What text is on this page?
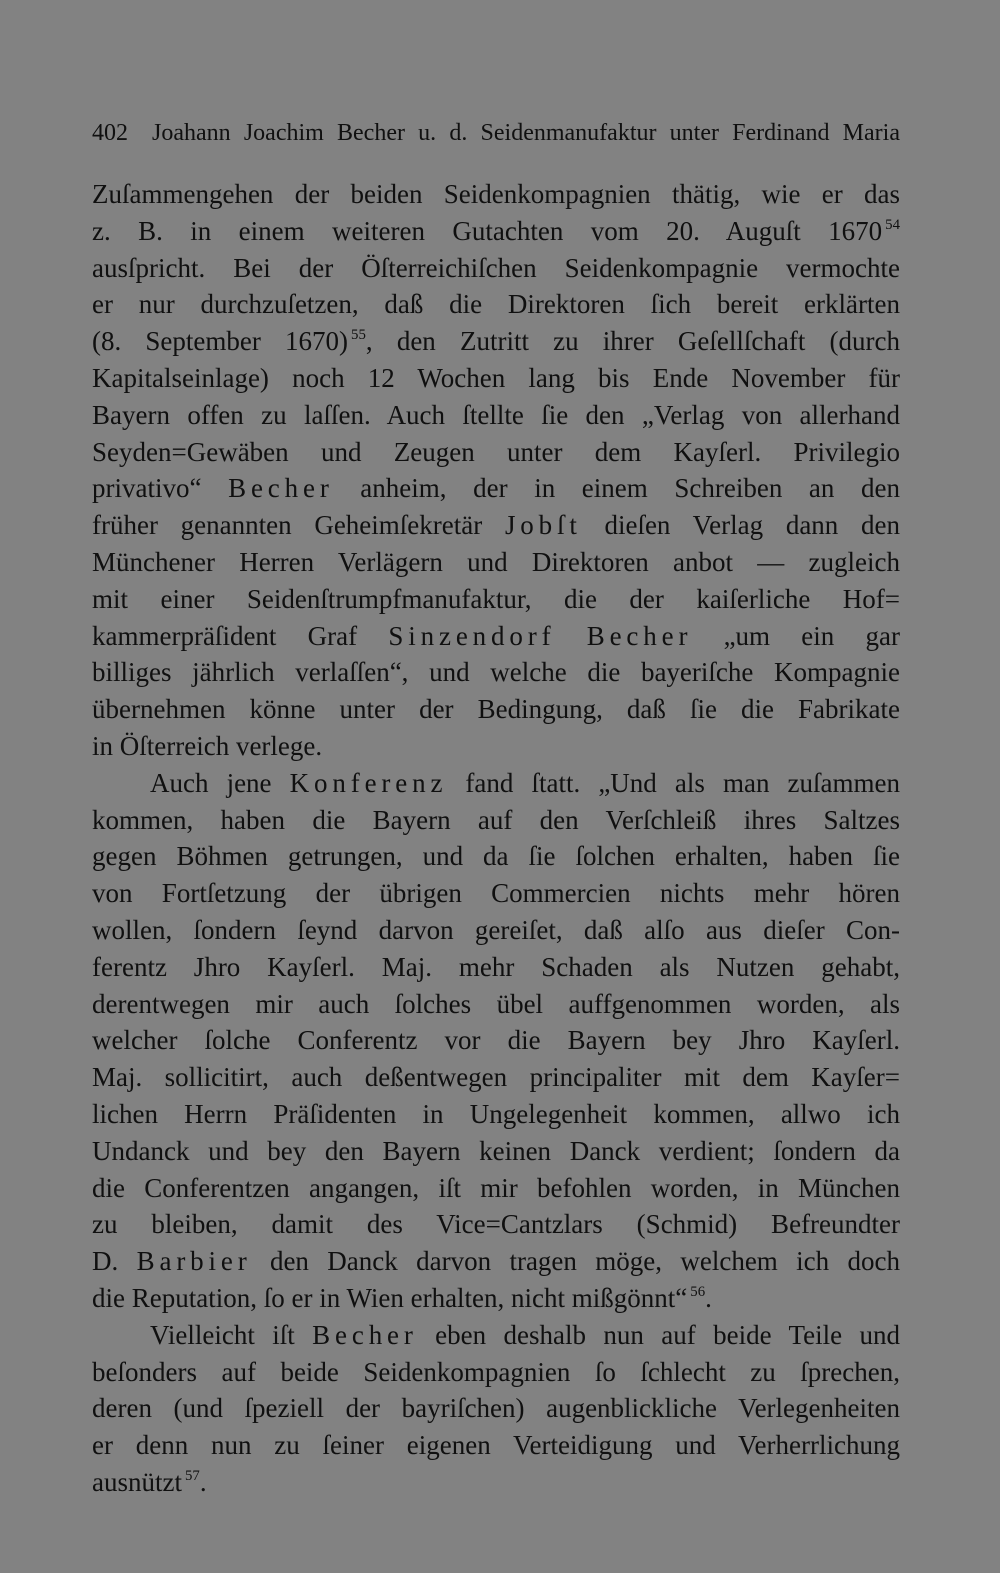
402 Joahann Joachim Becher u. d. Seidenmanufaktur unter Ferdinand Maria
Zuſammengehen der beiden Seidenkompagnien thätig, wie er das
z. B. in einem weiteren Gutachten vom 20. Auguſt 1670 $^{54}$
ausſpricht. Bei der Öſterreichiſchen Seidenkompagnie vermochte
er nur durchzuſetzen, daß die Direktoren ſich bereit erklärten
(8. September 1670) $^{55}$, den Zutritt zu ihrer Geſellſchaft (durch
Kapitalseinlage) noch 12 Wochen lang bis Ende November für
Bayern offen zu laſſen. Auch ſtellte ſie den „Verlag von allerhand
Seyden=Gewäben und Zeugen unter dem Kayſerl. Privilegio
privativo“ Becher anheim, der in einem Schreiben an den
früher genannten Geheimſekretär Jobſt dieſen Verlag dann den
Münchener Herren Verlägern und Direktoren anbot — zugleich
mit einer Seidenſtrumpfmanufaktur, die der kaiſerliche Hof=
kammerpräſident Graf Sinzendorf Becher „um ein gar
billiges jährlich verlaſſen“, und welche die bayeriſche Kompagnie
übernehmen könne unter der Bedingung, daß ſie die Fabrikate
in Öſterreich verlege.
Auch jene Konferenz fand ſtatt. „Und als man zuſammen
kommen, haben die Bayern auf den Verſchleiß ihres Saltzes
gegen Böhmen getrungen, und da ſie ſolchen erhalten, haben ſie
von Fortſetzung der übrigen Commercien nichts mehr hören
wollen, ſondern ſeynd darvon gereiſet, daß alſo aus dieſer Con-
ferentz Jhro Kayſerl. Maj. mehr Schaden als Nutzen gehabt,
derentwegen mir auch ſolches übel auffgenommen worden, als
welcher ſolche Conferentz vor die Bayern bey Jhro Kayſerl.
Maj. sollicitirt, auch deßentwegen principaliter mit dem Kayſer=
lichen Herrn Präſidenten in Ungelegenheit kommen, allwo ich
Undanck und bey den Bayern keinen Danck verdient; ſondern da
die Conferentzen angangen, iſt mir befohlen worden, in München
zu bleiben, damit des Vice=Cantzlars (Schmid) Befreundter
D. Barbier den Danck darvon tragen möge, welchem ich doch
die Reputation, ſo er in Wien erhalten, nicht mißgönnt“ $^{56}$.
Vielleicht iſt Becher eben deshalb nun auf beide Teile und
beſonders auf beide Seidenkompagnien ſo ſchlecht zu ſprechen,
deren (und ſpeziell der bayriſchen) augenblickliche Verlegenheiten
er denn nun zu ſeiner eigenen Verteidigung und Verherrlichung
ausnützt $^{57}$.
